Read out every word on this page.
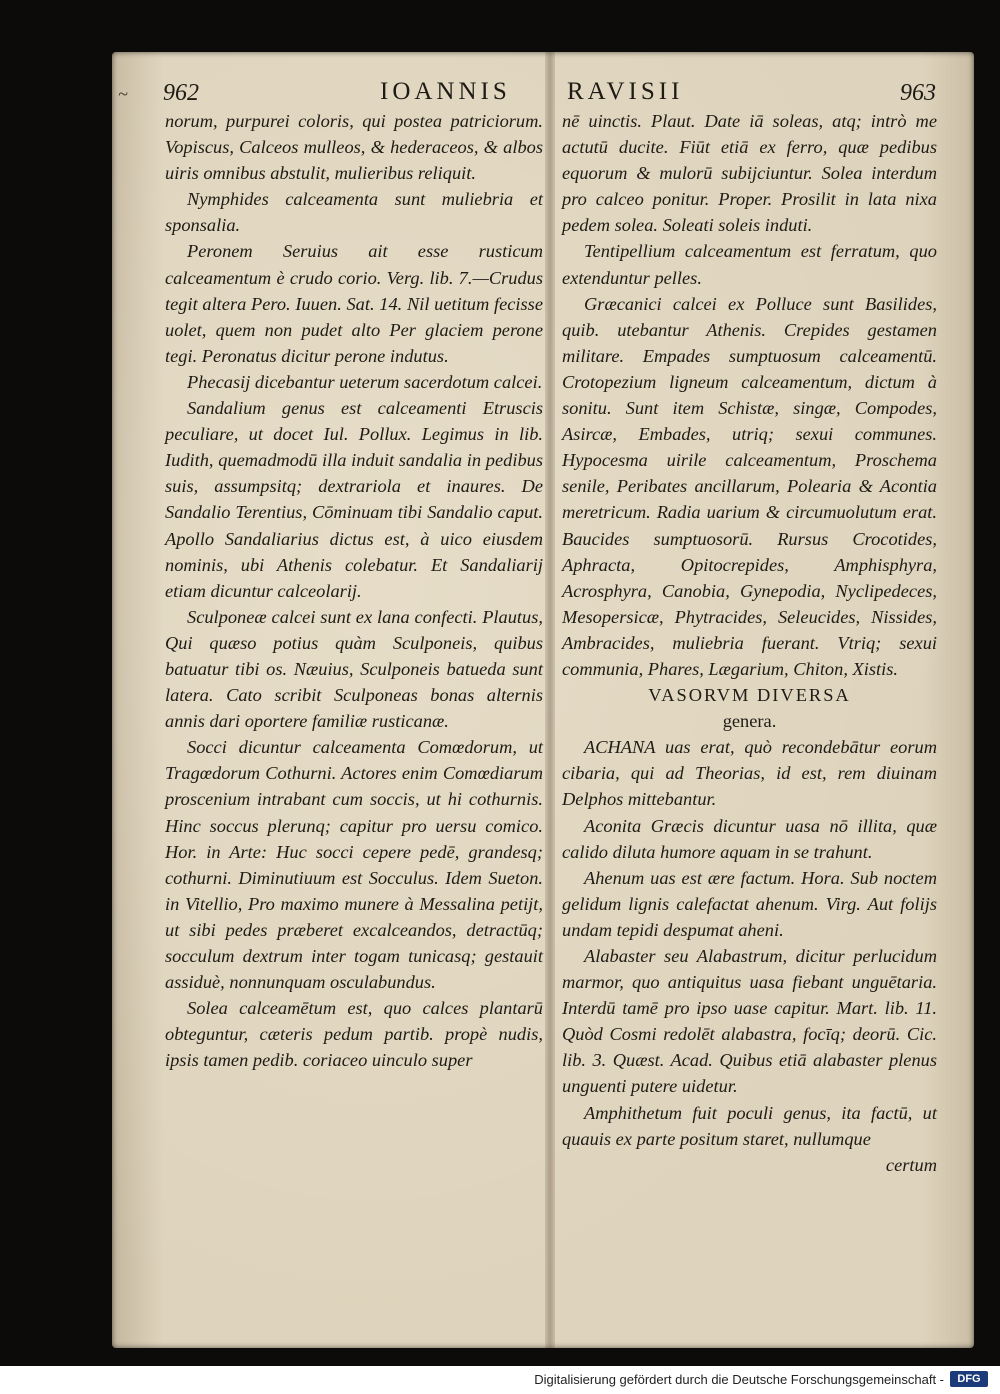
~ 962	IOANNIS RAVISII	963

norum, purpurei coloris, qui postea patriciorum. Vopiscus, Calceos mulleos, & hederaceos, & albos uiris omnibus abstulit, mulieribus reliquit.

Nymphides calceamenta sunt muliebria et sponsalia.

Peronem Seruius ait esse rusticum calceamentum è crudo corio. Verg. lib. 7.—Crudus tegit altera Pero. Iuuen. Sat. 14. Nil uetitum fecisse uolet, quem non pudet alto Per glaciem perone tegi. Peronatus dicitur perone indutus.

Phecasij dicebantur ueterum sacerdotum calcei.

Sandalium genus est calceamenti Etruscis peculiare, ut docet Iul. Pollux. Legimus in lib. Iudith, quemadmodū illa induit sandalia in pedibus suis, assumpsitq; dextrariola et inaures. De Sandalio Terentius, Cōminuam tibi Sandalio caput. Apollo Sandaliarius dictus est, à uico eiusdem nominis, ubi Athenis colebatur. Et Sandaliarij etiam dicuntur calceolarij.

Sculponeæ calcei sunt ex lana confecti. Plautus, Qui quæso potius quàm Sculponeis, quibus batuatur tibi os. Næuius, Sculponeis batueda sunt latera. Cato scribit Sculponeas bonas alternis annis dari oportere familiæ rusticanæ.

Socci dicuntur calceamenta Comœdorum, ut Tragœdorum Cothurni. Actores enim Comœdiarum proscenium intrabant cum soccis, ut hi cothurnis. Hinc soccus plerunq; capitur pro uersu comico. Hor. in Arte: Huc socci cepere pedē, grandesq; cothurni. Diminutiuum est Socculus. Idem Sueton. in Vitellio, Pro maximo munere à Messalina petijt, ut sibi pedes præberet excalceandos, detractūq; socculum dextrum inter togam tunicasq; gestauit assiduè, nonnunquam osculabundus.

Solea calceamētum est, quo calces plantarū obteguntur, cæteris pedum partib. propè nudis, ipsis tamen pedib. coriaceo uinculo super

nē uinctis. Plaut. Date iā soleas, atq; intrò me actutū ducite. Fiūt etiā ex ferro, quæ pedibus equorum & mulorū subijciuntur. Solea interdum pro calceo ponitur. Proper. Prosilit in lata nixa pedem solea. Soleati soleis induti.

Tentipellium calceamentum est ferratum, quo extenduntur pelles.

Græcanici calcei ex Polluce sunt Basilides, quib. utebantur Athenis. Crepides gestamen militare. Empades sumptuosum calceamentū. Crotopezium ligneum calceamentum, dictum à sonitu. Sunt item Schistæ, singæ, Compodes, Asircæ, Embades, utriq; sexui communes. Hypocesma uirile calceamentum, Proschema senile, Peribates ancillarum, Polearia & Acontia meretricum. Radia uarium & circumuolutum erat. Baucides sumptuosorū. Rursus Crocotides, Aphracta, Opitocrepides, Amphisphyra, Acrosphyra, Canobia, Gynepodia, Nyclipedeces, Mesopersicæ, Phytracides, Seleucides, Nissides, Ambracides, muliebria fuerant. Vtriq; sexui communia, Phares, Lægarium, Chiton, Xistis.

VASORVM DIVERSA

genera.

ACHANA uas erat, quò recondebātur eorum cibaria, qui ad Theorias, id est, rem diuinam Delphos mittebantur.

Aconita Græcis dicuntur uasa nō illita, quæ calido diluta humore aquam in se trahunt.

Ahenum uas est ære factum. Hora. Sub noctem gelidum lignis calefactat ahenum. Virg. Aut folijs undam tepidi despumat aheni.

Alabaster seu Alabastrum, dicitur perlucidum marmor, quo antiquitus uasa fiebant unguētaria. Interdū tamē pro ipso uase capitur. Mart. lib. 11. Quòd Cosmi redolēt alabastra, focīq; deorū. Cic. lib. 3. Quæst. Acad. Quibus etiā alabaster plenus unguenti putere uidetur.

Amphithetum fuit poculi genus, ita factū, ut quauis ex parte positum staret, nullumque

certum

Digitalisierung gefördert durch die Deutsche Forschungsgemeinschaft -	DFG
